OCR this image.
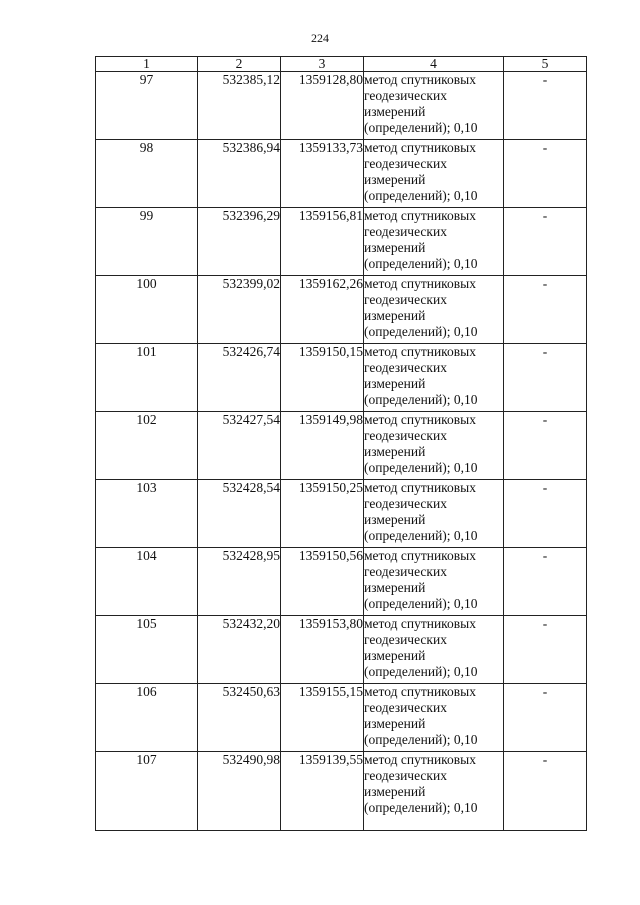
224
1	2	3	4	5
97	532385,12	1359128,80	метод спутниковых
геодезических
измерений
(определений); 0,10	-
98	532386,94	1359133,73	метод спутниковых
геодезических
измерений
(определений); 0,10	-
99	532396,29	1359156,81	метод спутниковых
геодезических
измерений
(определений); 0,10	-
100	532399,02	1359162,26	метод спутниковых
геодезических
измерений
(определений); 0,10	-
101	532426,74	1359150,15	метод спутниковых
геодезических
измерений
(определений); 0,10	-
102	532427,54	1359149,98	метод спутниковых
геодезических
измерений
(определений); 0,10	-
103	532428,54	1359150,25	метод спутниковых
геодезических
измерений
(определений); 0,10	-
104	532428,95	1359150,56	метод спутниковых
геодезических
измерений
(определений); 0,10	-
105	532432,20	1359153,80	метод спутниковых
геодезических
измерений
(определений); 0,10	-
106	532450,63	1359155,15	метод спутниковых
геодезических
измерений
(определений); 0,10	-
107	532490,98	1359139,55	метод спутниковых
геодезических
измерений
(определений); 0,10	-
